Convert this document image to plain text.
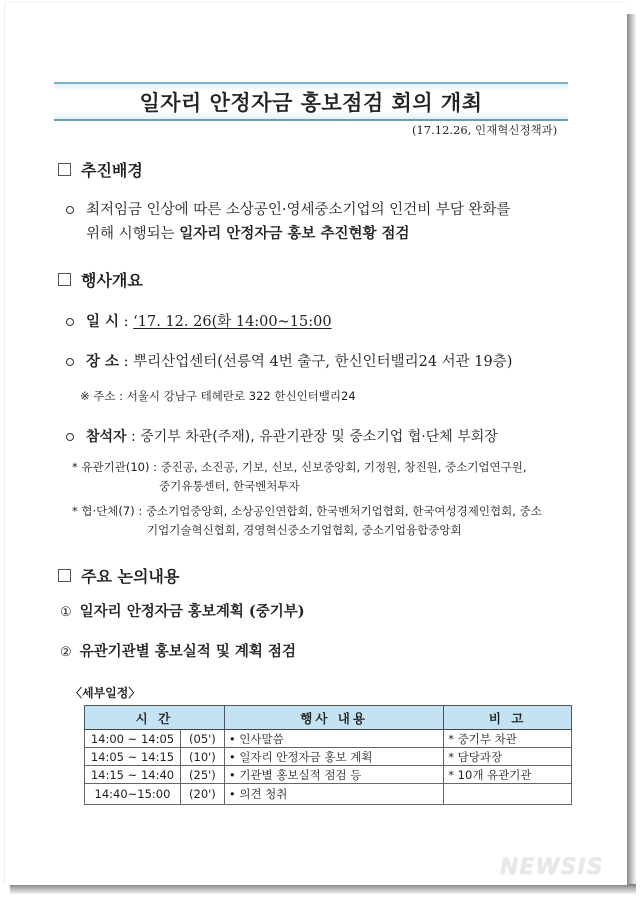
일자리 안정자금 홍보점검 회의 개최
(17.12.26, 인재혁신정책과)
추진배경
최저임금 인상에 따른 소상공인·영세중소기업의 인건비 부담 완화를
위해 시행되는 일자리 안정자금 홍보 추진현황 점검
행사개요
일 시 : ‘17. 12. 26(화 14:00~15:00
장 소 : 뿌리산업센터(선릉역 4번 출구, 한신인터밸리24 서관 19층)
※ 주소 : 서울시 강남구 테헤란로 322 한신인터밸리24
참석자 : 중기부 차관(주재), 유관기관장 및 중소기업 협·단체 부회장
* 유관기관(10) : 중진공, 소진공, 기보, 신보, 신보중앙회, 기정원, 창진원, 중소기업연구원,
중기유통센터, 한국벤처투자
* 협·단체(7) : 중소기업중앙회, 소상공인연합회, 한국벤처기업협회, 한국여성경제인협회, 중소
기업기술혁신협회, 경영혁신중소기업협회, 중소기업융합중앙회
주요 논의내용
① 일자리 안정자금 홍보계획 (중기부)
② 유관기관별 홍보실적 및 계획 점검
〈세부일정〉
시 간		행사 내용	비 고
14:00 ~ 14:05	(05')	• 인사말씀	* 중기부 차관
14:05 ~ 14:15	(10')	• 일자리 안정자금 홍보 계획	* 담당과장
14:15 ~ 14:40	(25')	• 기관별 홍보실적 점검 등	* 10개 유관기관
14:40~15:00	(20')	• 의견 청취	
NEWSIS
